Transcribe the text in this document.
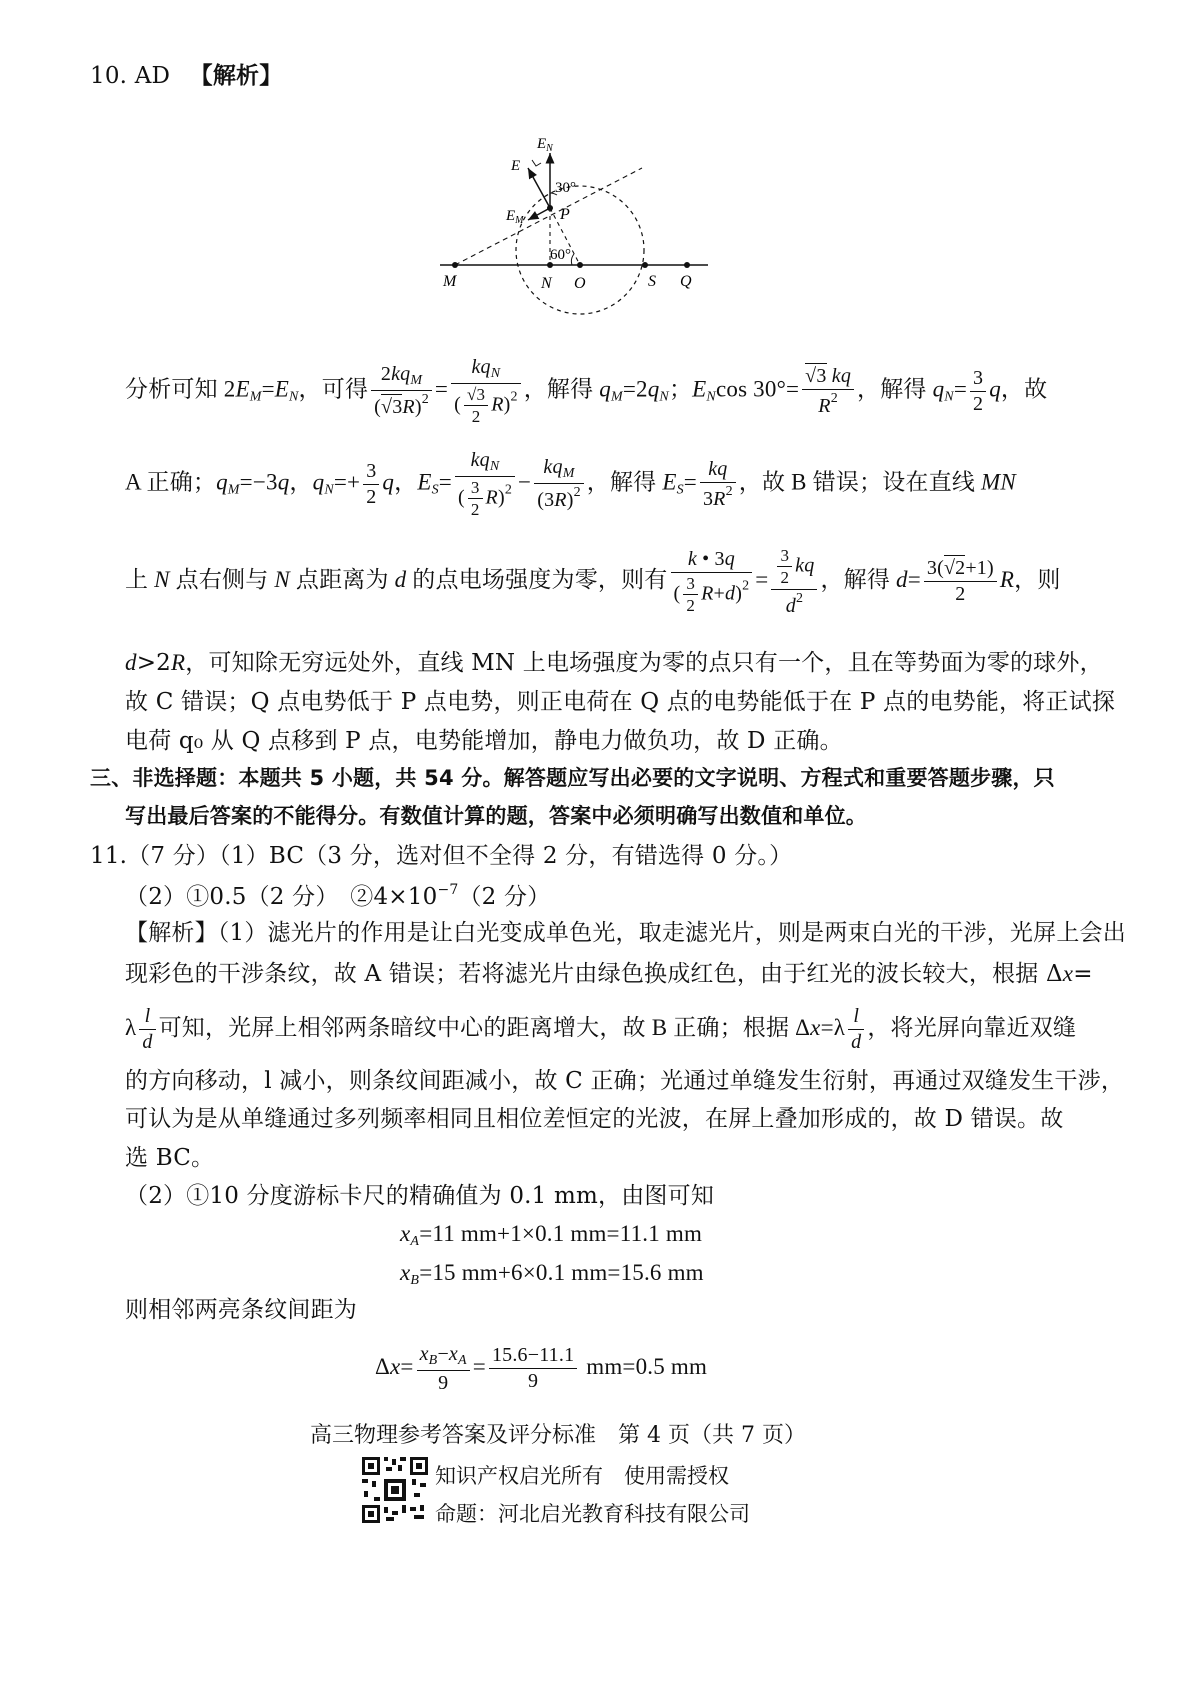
10. AD 【解析】
$E_N$
E
$E_M$ P
30°
60°
M	N O	S Q
分析可知 $2E_M=E_N$，可得 $\frac{2kq_M}{(√3R)^2} = \frac{kq_N}{( \frac{√3}{2} R)^2}$ ，解得 $q_M=2q_N$；$E_N\cos$ $30^\circ= \frac{√3 kq}{R^2}$ ，解得 $q_N= \frac{3}{2}$ q，故
A 正确；$q_M=-3q$，$q_N=+ \frac{3}{2}$ q，$E_S= \frac{kq_N}{( \frac{3}{2} R)^2} - \frac{kq_M}{(3R)^2}$ ，解得 $E_S= \frac{kq}{3R^2}$ ，故 B 错误；设在直线 MN
上 N 点右侧与 N 点距离为 d 的点电场强度为零，则有 $\frac{k • 3q}{( \frac{3}{2} R+d)^2} = \frac{\frac{3}{2} kq}{d^2}$ ，解得 $d= \frac{3(√2+1)}{2}$ R，则
d>2R，可知除无穷远处外，直线 MN 上电场强度为零的点只有一个，且在等势面为零的球外，
故 C 错误；Q 点电势低于 P 点电势，则正电荷在 Q 点的电势能低于在 P 点的电势能，将正试探
电荷 q₀ 从 Q 点移到 P 点，电势能增加，静电力做负功，故 D 正确。
三、非选择题：本题共 5 小题，共 54 分。解答题应写出必要的文字说明、方程式和重要答题步骤，只
写出最后答案的不能得分。有数值计算的题，答案中必须明确写出数值和单位。
11.（7 分）（1）BC（3 分，选对但不全得 2 分，有错选得 0 分。）
（2）①0.5（2 分）　$②4\times 10^{-7}(2$ 分）
【解析】（1）滤光片的作用是让白光变成单色光，取走滤光片，则是两束白光的干涉，光屏上会出
现彩色的干涉条纹，故 A 错误；若将滤光片由绿色换成红色，由于红光的波长较大，根据 Δx=
λ $\frac{l}{d}$ 可知，光屏上相邻两条暗纹中心的距离增大，故 B 正确；根据 $\Delta x=\lambda \frac{l}{d}$ ，将光屏向靠近双缝
的方向移动，l 减小，则条纹间距减小，故 C 正确；光通过单缝发生衍射，再通过双缝发生干涉，
可认为是从单缝通过多列频率相同且相位差恒定的光波，在屏上叠加形成的，故 D 错误。故
选 BC。
（2）①10 分度游标卡尺的精确值为 0.1 mm，由图可知
$x_A=11$ mm+1×0.1 mm=11.1 mm
$x_B=15$ mm+6×0.1 mm=15.6 mm
则相邻两亮条纹间距为
$\Delta x= \frac{x_B-x_A}{9} = \frac{15.6-11.1}{9} mm=0.5$ mm
高三物理参考答案及评分标准　第 4 页（共 7 页）
知识产权启光所有　使用需授权
命题：河北启光教育科技有限公司
